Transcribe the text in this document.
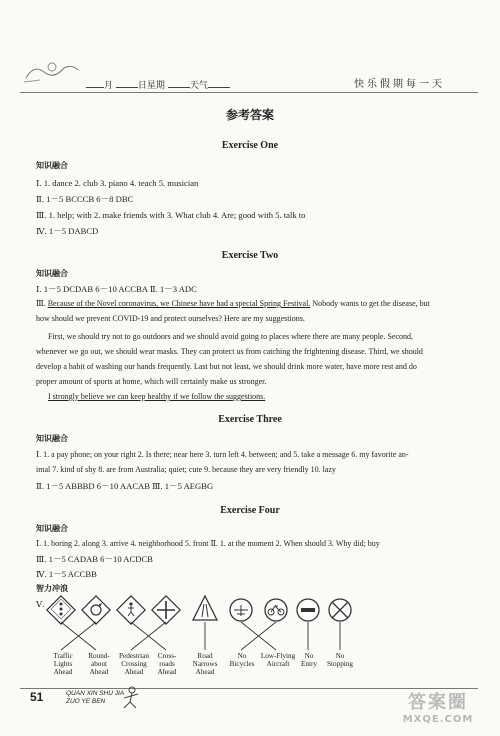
月	日星期	天气	快乐假期每一天
参考答案
Exercise One
知识融合
Ⅰ. 1. dance 2. club 3. piano 4. teach 5. musician
Ⅱ. 1－5 BCCCB 6－8 DBC
Ⅲ. 1. help; with 2. make friends with 3. What club 4. Are; good with 5. talk to
Ⅳ. 1－5 DABCD
Exercise Two
知识融合
Ⅰ. 1－5 DCDAB 6－10 ACCBA Ⅱ. 1－3 ADC
Ⅲ. Because of the Novel coronavirus, we Chinese have had a special Spring Festival. Nobody wants to get the disease, but
how should we prevent COVID-19 and protect ourselves? Here are my suggestions.
First, we should try not to go outdoors and we should avoid going to places where there are many people. Second,
whenever we go out, we should wear masks. They can protect us from catching the frightening disease. Third, we should
develop a habit of washing our hands frequently. Last but not least, we should drink more water, have more rest and do
proper amount of sports at home, which will certainly make us stronger.
I strongly believe we can keep healthy if we follow the suggestions.
Exercise Three
知识融合
Ⅰ. 1. a pay phone; on your right 2. Is there; near here 3. turn left 4. between; and 5. take a message 6. my favorite an-
imal 7. kind of shy 8. are from Australia; quiet; cute 9. because they are very friendly 10. lazy
Ⅱ. 1－5 ABBBD 6－10 AACAB Ⅲ. 1－5 AEGBG
Exercise Four
知识融合
Ⅰ. 1. boring 2. along 3. arrive 4. neighborhood 5. front Ⅱ. 1. at the moment 2. When should 3. Why did; buy
Ⅲ. 1－5 CADAB 6－10 ACDCB
Ⅳ. 1－5 ACCBB
智力冲浪
Ⅴ.
Traffic Lights Ahead
Round-about Ahead
Pedestrian Crossing Ahead
Cross-roads Ahead
Road Narrows Ahead
No Bicycles
Low-Flying Aircraft
No Entry
No Stopping
51	QUAN XIN SHU JIA
ZUO YE BEN	答案圈
MXQE.COM
